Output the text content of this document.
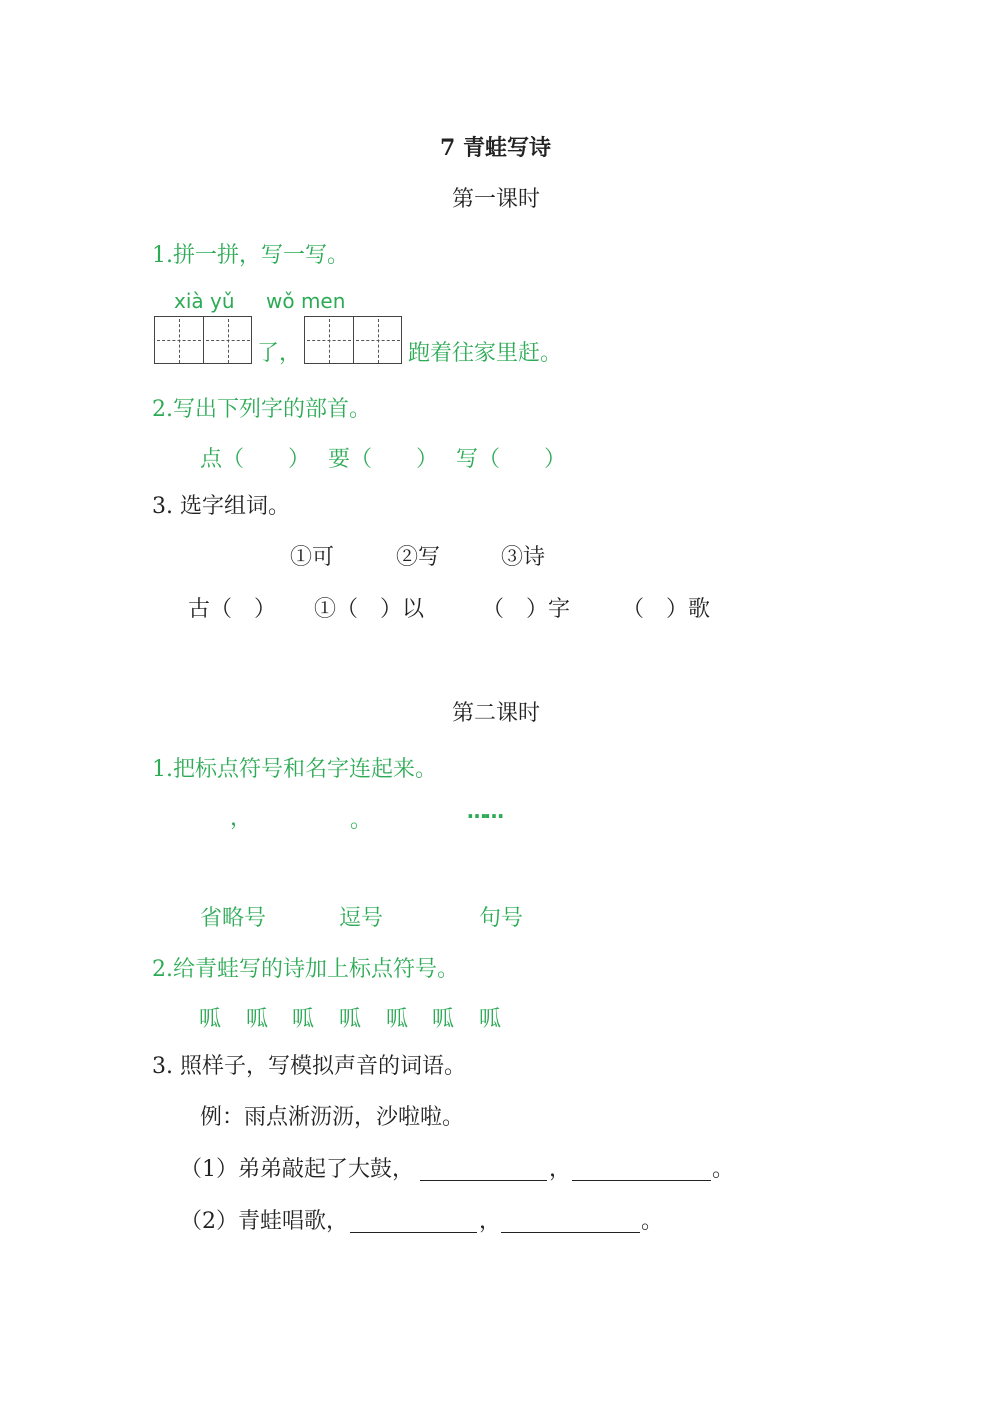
7 青蛙写诗
第一课时
1.拼一拼，写一写。
xià yǔ wǒ men
了，	跑着往家里赶。
2.写出下列字的部首。
点（　　） 要（　　） 写（　　）
3. 选字组词。
①可	②写	③诗
古（　） ①（　）以	（　）字 （　）歌
第二课时
1.把标点符号和名字连起来。
，	。	……
省略号	逗号	句号
2.给青蛙写的诗加上标点符号。
呱 呱 呱 呱 呱 呱 呱
3. 照样子，写模拟声音的词语。
例：雨点淅沥沥，沙啦啦。
（1）弟弟敲起了大鼓，	，	。
（2）青蛙唱歌，	，	。
